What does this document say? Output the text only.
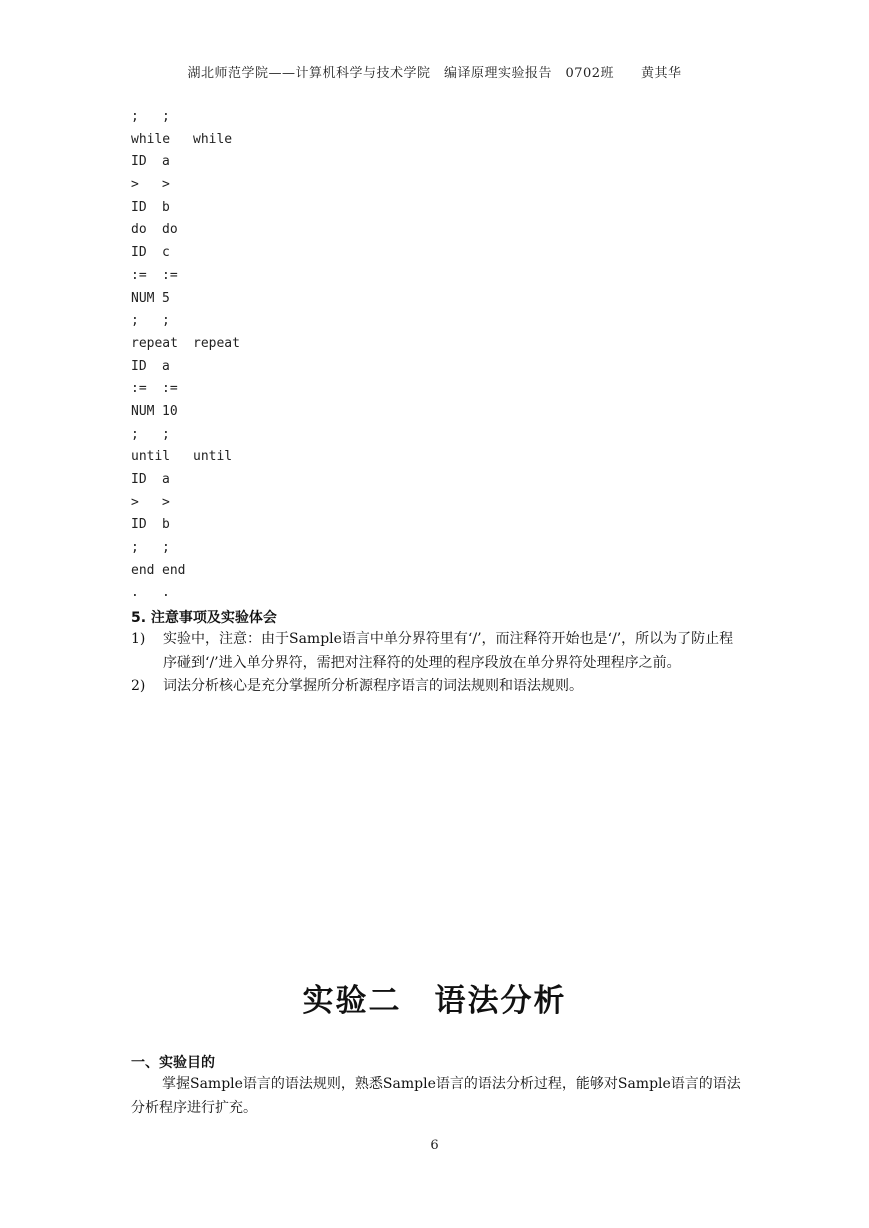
湖北师范学院——计算机科学与技术学院　编译原理实验报告　0702班　　黄其华
; ;
while while
ID a
> >
ID b
do do
ID c
:= :=
NUM 5
; ;
repeat repeat
ID a
:= :=
NUM 10
; ;
until until
ID a
> >
ID b
; ;
end end
. .
5. 注意事项及实验体会
1) 实验中，注意：由于Sample语言中单分界符里有‘/’，而注释符开始也是‘/’，所以为了防止程序碰到‘/’进入单分界符，需把对注释符的处理的程序段放在单分界符处理程序之前。
2) 词法分析核心是充分掌握所分析源程序语言的词法规则和语法规则。
实验二　语法分析
一、实验目的
掌握Sample语言的语法规则，熟悉Sample语言的语法分析过程，能够对Sample语言的语法分析程序进行扩充。
6
